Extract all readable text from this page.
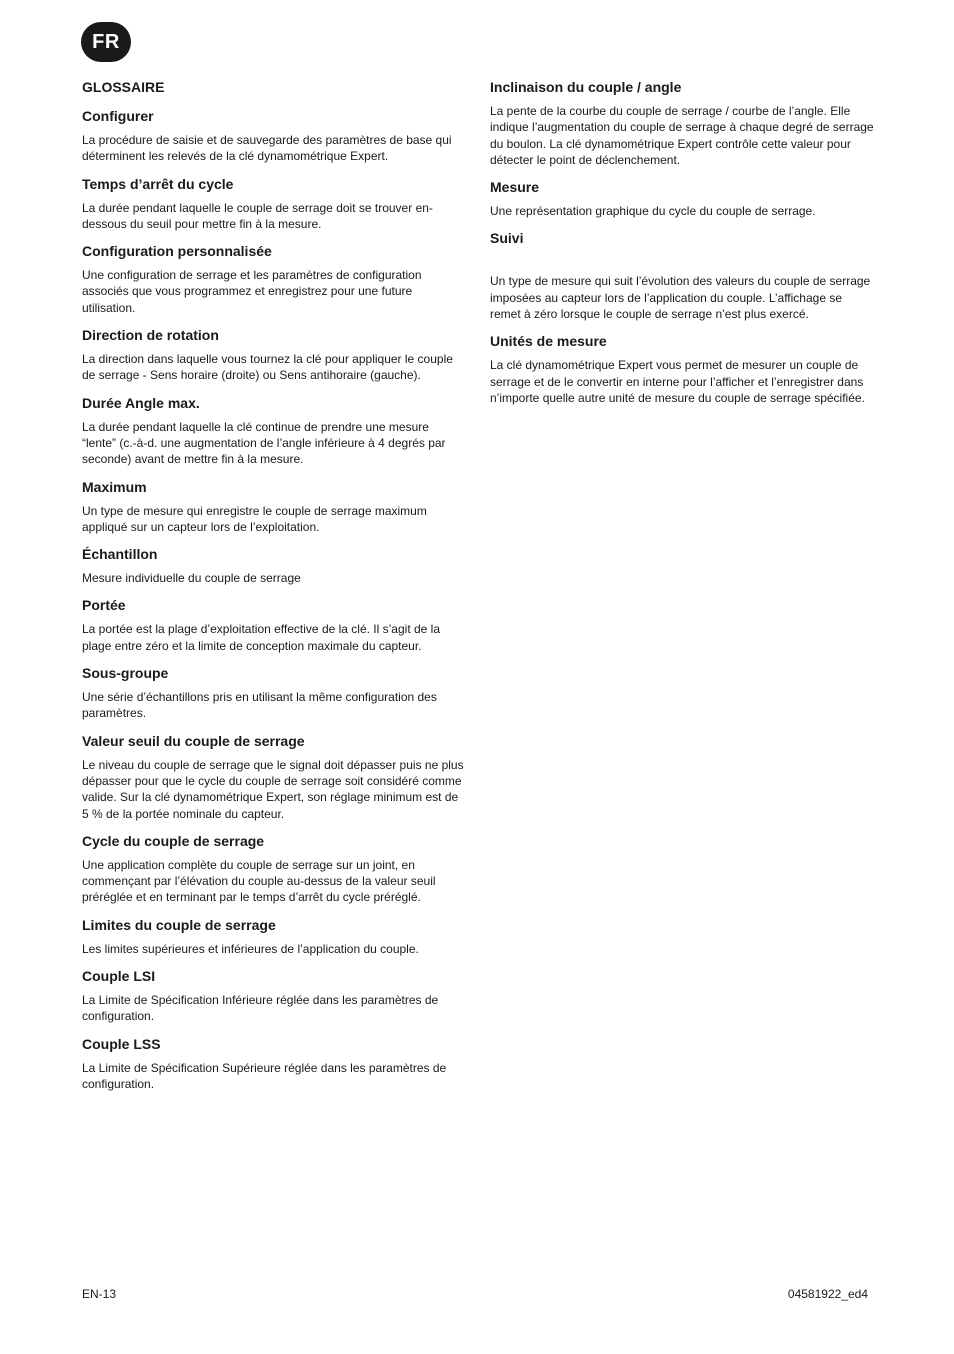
FR
GLOSSAIRE
Configurer

La procédure de saisie et de sauvegarde des paramètres de base qui déterminent les relevés de la clé dynamométrique Expert.

Temps d’arrêt du cycle

La durée pendant laquelle le couple de serrage doit se trouver en-dessous du seuil pour mettre fin à la mesure.

Configuration personnalisée

Une configuration de serrage et les paramètres de configuration associés que vous programmez et enregistrez pour une future utilisation.

Direction de rotation

La direction dans laquelle vous tournez la clé pour appliquer le couple de serrage - Sens horaire (droite) ou Sens antihoraire (gauche).

Durée Angle max.

La durée pendant laquelle la clé continue de prendre une mesure “lente” (c.-à-d. une augmentation de l’angle inférieure à 4 degrés par seconde) avant de mettre fin à la mesure.

Maximum

Un type de mesure qui enregistre le couple de serrage maximum appliqué sur un capteur lors de l’exploitation.

Échantillon

Mesure individuelle du couple de serrage

Portée

La portée est la plage d’exploitation effective de la clé. Il s’agit de la plage entre zéro et la limite de conception maximale du capteur.

Sous-groupe

Une série d’échantillons pris en utilisant la même configuration des paramètres.

Valeur seuil du couple de serrage

Le niveau du couple de serrage que le signal doit dépasser puis ne plus dépasser pour que le cycle du couple de serrage soit considéré comme valide. Sur la clé dynamométrique Expert, son réglage minimum est de 5 % de la portée nominale du capteur.

Cycle du couple de serrage

Une application complète du couple de serrage sur un joint, en commençant par l’élévation du couple au-dessus de la valeur seuil préréglée et en terminant par le temps d’arrêt du cycle préréglé.

Limites du couple de serrage

Les limites supérieures et inférieures de l’application du couple.

Couple LSI

La Limite de Spécification Inférieure réglée dans les paramètres de configuration.

Couple LSS

La Limite de Spécification Supérieure réglée dans les paramètres de configuration.

Inclinaison du couple / angle

La pente de la courbe du couple de serrage / courbe de l’angle. Elle indique l’augmentation du couple de serrage à chaque degré de serrage du boulon. La clé dynamométrique Expert contrôle cette valeur pour détecter le point de déclenchement.

Mesure

Une représentation graphique du cycle du couple de serrage.

Suivi

Un type de mesure qui suit l’évolution des valeurs du couple de serrage imposées au capteur lors de l’application du couple. L’affichage se remet à zéro lorsque le couple de serrage n’est plus exercé.

Unités de mesure

La clé dynamométrique Expert vous permet de mesurer un couple de serrage et de le convertir en interne pour l’afficher et l’enregistrer dans n’importe quelle autre unité de mesure du couple de serrage spécifiée.

EN-13	04581922_ed4
